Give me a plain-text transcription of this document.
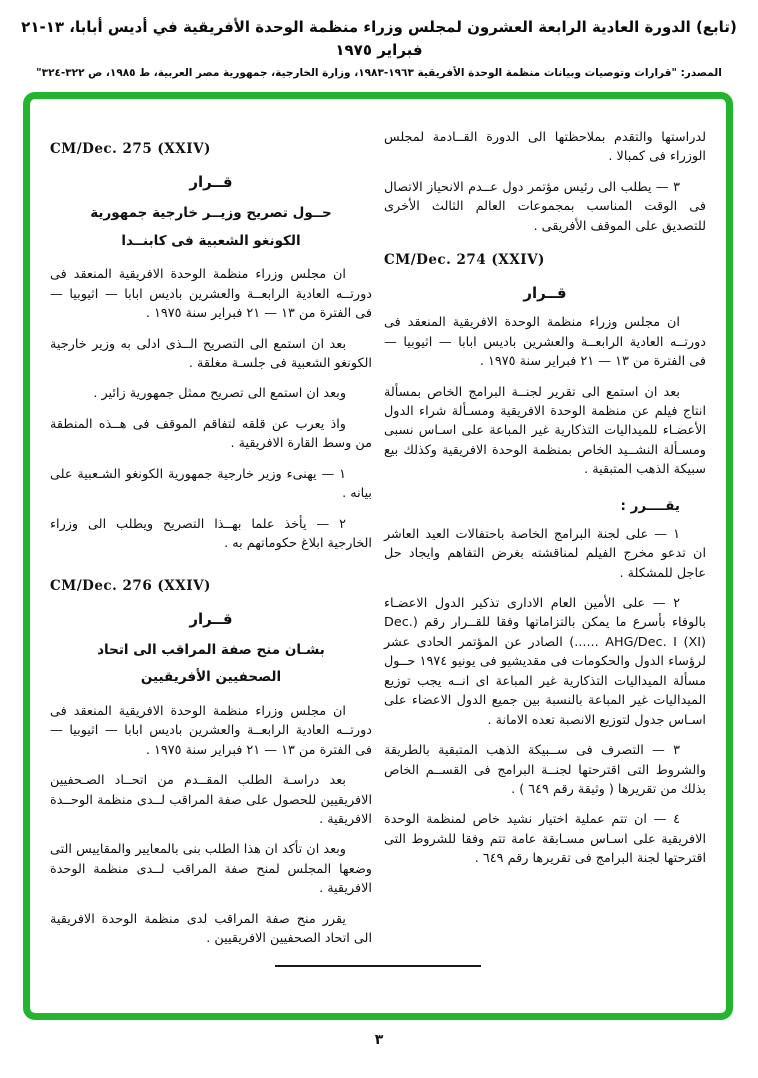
(تابع) الدورة العادية الرابعة العشرون لمجلس وزراء منظمة الوحدة الأفريقية في أديس أبابا، ١٣-٢١ فبراير ١٩٧٥
المصدر: "قرارات وتوصيات وبيانات منظمة الوحدة الأفريقية ١٩٦٣-١٩٨٣، وزارة الخارجية، جمهورية مصر العربية، ط ١٩٨٥، ص ٣٢٢-٣٢٤"

لدراستها والتقدم بملاحظتها الى الدورة القــادمة لمجلس الوزراء فى كمبالا .

٣ — يطلب الى رئيس مؤتمر دول عــدم الانحياز الاتصال فى الوقت المناسب بمجموعات العالم الثالث الأخرى للتصديق على الموقف الأفريقى .

CM/Dec. 274 (XXIV)
قــرار

ان مجلس وزراء منظمة الوحدة الافريقية المنعقد فى دورتــه العادية الرابعــة والعشرين باديس ابابا — اثيوبيا — فى الفترة من ١٣ — ٢١ فبراير سنة ١٩٧٥ .

بعد ان استمع الى تقرير لجنــة البرامج الخاص بمسألة انتاج فيلم عن منظمة الوحدة الافريقية ومسـألة شراء الدول الأعضـاء للميداليات التذكارية غير المباعة على اسـاس نسبى ومسـألة النشــيد الخاص بمنظمة الوحدة الافريقية وكذلك بيع سبيكة الذهب المتبقية .

يقــــرر :

١ — على لجنة البرامج الخاصة باحتفالات العيد العاشر ان تدعو مخرج الفيلم لمناقشته بغرض التفاهم وايجاد حل عاجل للمشكلة .

٢ — على الأمين العام الادارى تذكير الدول الاعضـاء بالوفاء بأسرع ما يمكن بالتزاماتها وفقا للقــرار رقم (Dec. AHG/Dec. I (XI) ......) الصادر عن المؤتمر الحادى عشر لرؤساء الدول والحكومات فى مقديشيو فى يونيو ١٩٧٤ حــول مسألة الميداليات التذكارية غير المباعة اى انــه يجب توزيع الميداليات غير المباعة بالنسبة بين جميع الدول الاعضاء على اسـاس جدول لتوزيع الانصبة تعده الامانة .

٣ — التصرف فى ســبيكة الذهب المتبقية بالطريقة والشروط التى اقترحتها لجنــة البرامج فى القســم الخاص بذلك من تقريرها ( وثيقة رقم ٦٤٩ ) .

٤ — ان تتم عملية اختيار نشيد خاص لمنظمة الوحدة الافريقية على اسـاس مسـابقة عامة تتم وفقا للشروط التى اقترحتها لجنة البرامج فى تقريرها رقم ٦٤٩ .

CM/Dec. 275 (XXIV)
قــرار
حــول تصريح وزيــر خارجية جمهورية
الكونغو الشعبية فى كابنــدا

ان مجلس وزراء منظمة الوحدة الافريقية المنعقد فى دورتــه العادية الرابعــة والعشرين باديس ابابا — اثيوبيا — فى الفترة من ١٣ — ٢١ فبراير سنة ١٩٧٥ .

بعد ان استمع الى التصريح الــذى ادلى به وزير خارجية الكونغو الشعبية فى جلسـة مغلقة .

وبعد ان استمع الى تصريح ممثل جمهورية زائير .

واذ يعرب عن قلقه لتفاقم الموقف فى هــذه المنطقة من وسط القارة الافريقية .

١ — يهنىء وزير خارجية جمهورية الكونغو الشـعبية على بيانه .

٢ — يأخذ علما بهــذا التصريح ويطلب الى وزراء الخارجية ابلاغ حكوماتهم به .

CM/Dec. 276 (XXIV)
قــرار
بشـان منح صفة المراقب الى اتحاد
الصحفيين الأفريقيين

ان مجلس وزراء منظمة الوحدة الافريقية المنعقد فى دورتــه العادية الرابعــة والعشرين باديس ابابا — اثيوبيا — فى الفترة من ١٣ — ٢١ فبراير سنة ١٩٧٥ .

بعد دراسـة الطلب المقــدم من اتحــاد الصـحفيين الافريقيين للحصول على صفة المراقب لــدى منظمة الوحــدة الافريقية .

وبعد ان تأكد ان هذا الطلب بنى بالمعايير والمقاييس التى وضعها المجلس لمنح صفة المراقب لــدى منظمة الوحدة الافريقية .

يقرر منح صفة المراقب لدى منظمة الوحدة الافريقية الى اتحاد الصحفيين الافريقيين .

٣
